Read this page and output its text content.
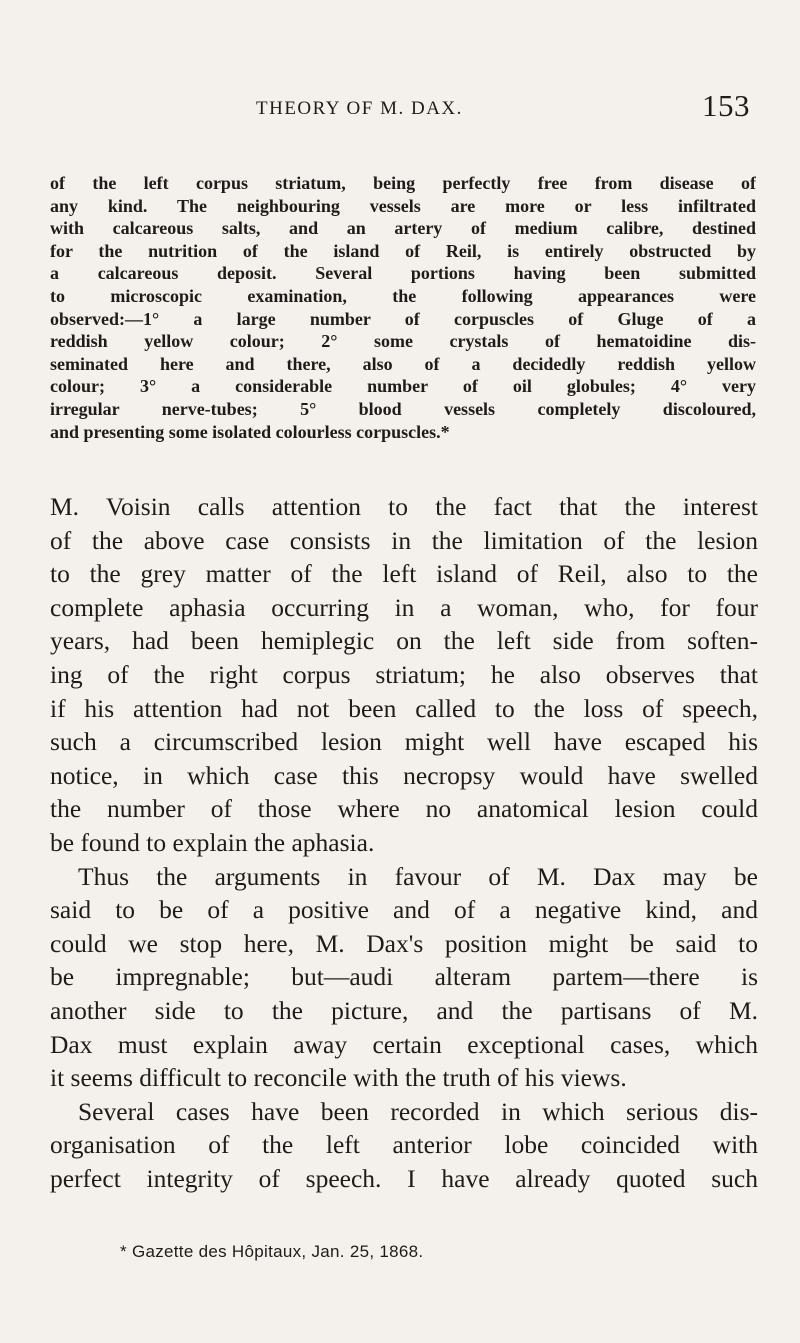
THEORY OF M. DAX.	153
of the left corpus striatum, being perfectly free from disease of
any kind. The neighbouring vessels are more or less infiltrated
with calcareous salts, and an artery of medium calibre, destined
for the nutrition of the island of Reil, is entirely obstructed by
a calcareous deposit. Several portions having been submitted
to microscopic examination, the following appearances were
observed:—1° a large number of corpuscles of Gluge of a
reddish yellow colour; 2° some crystals of hematoidine dis-
seminated here and there, also of a decidedly reddish yellow
colour; 3° a considerable number of oil globules; 4° very
irregular nerve-tubes; 5° blood vessels completely discoloured,
and presenting some isolated colourless corpuscles.*
M. Voisin calls attention to the fact that the interest
of the above case consists in the limitation of the lesion
to the grey matter of the left island of Reil, also to the
complete aphasia occurring in a woman, who, for four
years, had been hemiplegic on the left side from soften-
ing of the right corpus striatum; he also observes that
if his attention had not been called to the loss of speech,
such a circumscribed lesion might well have escaped his
notice, in which case this necropsy would have swelled
the number of those where no anatomical lesion could
be found to explain the aphasia.
Thus the arguments in favour of M. Dax may be
said to be of a positive and of a negative kind, and
could we stop here, M. Dax's position might be said to
be impregnable; but—audi alteram partem—there is
another side to the picture, and the partisans of M.
Dax must explain away certain exceptional cases, which
it seems difficult to reconcile with the truth of his views.
Several cases have been recorded in which serious dis-
organisation of the left anterior lobe coincided with
perfect integrity of speech. I have already quoted such
* Gazette des Hôpitaux, Jan. 25, 1868.
